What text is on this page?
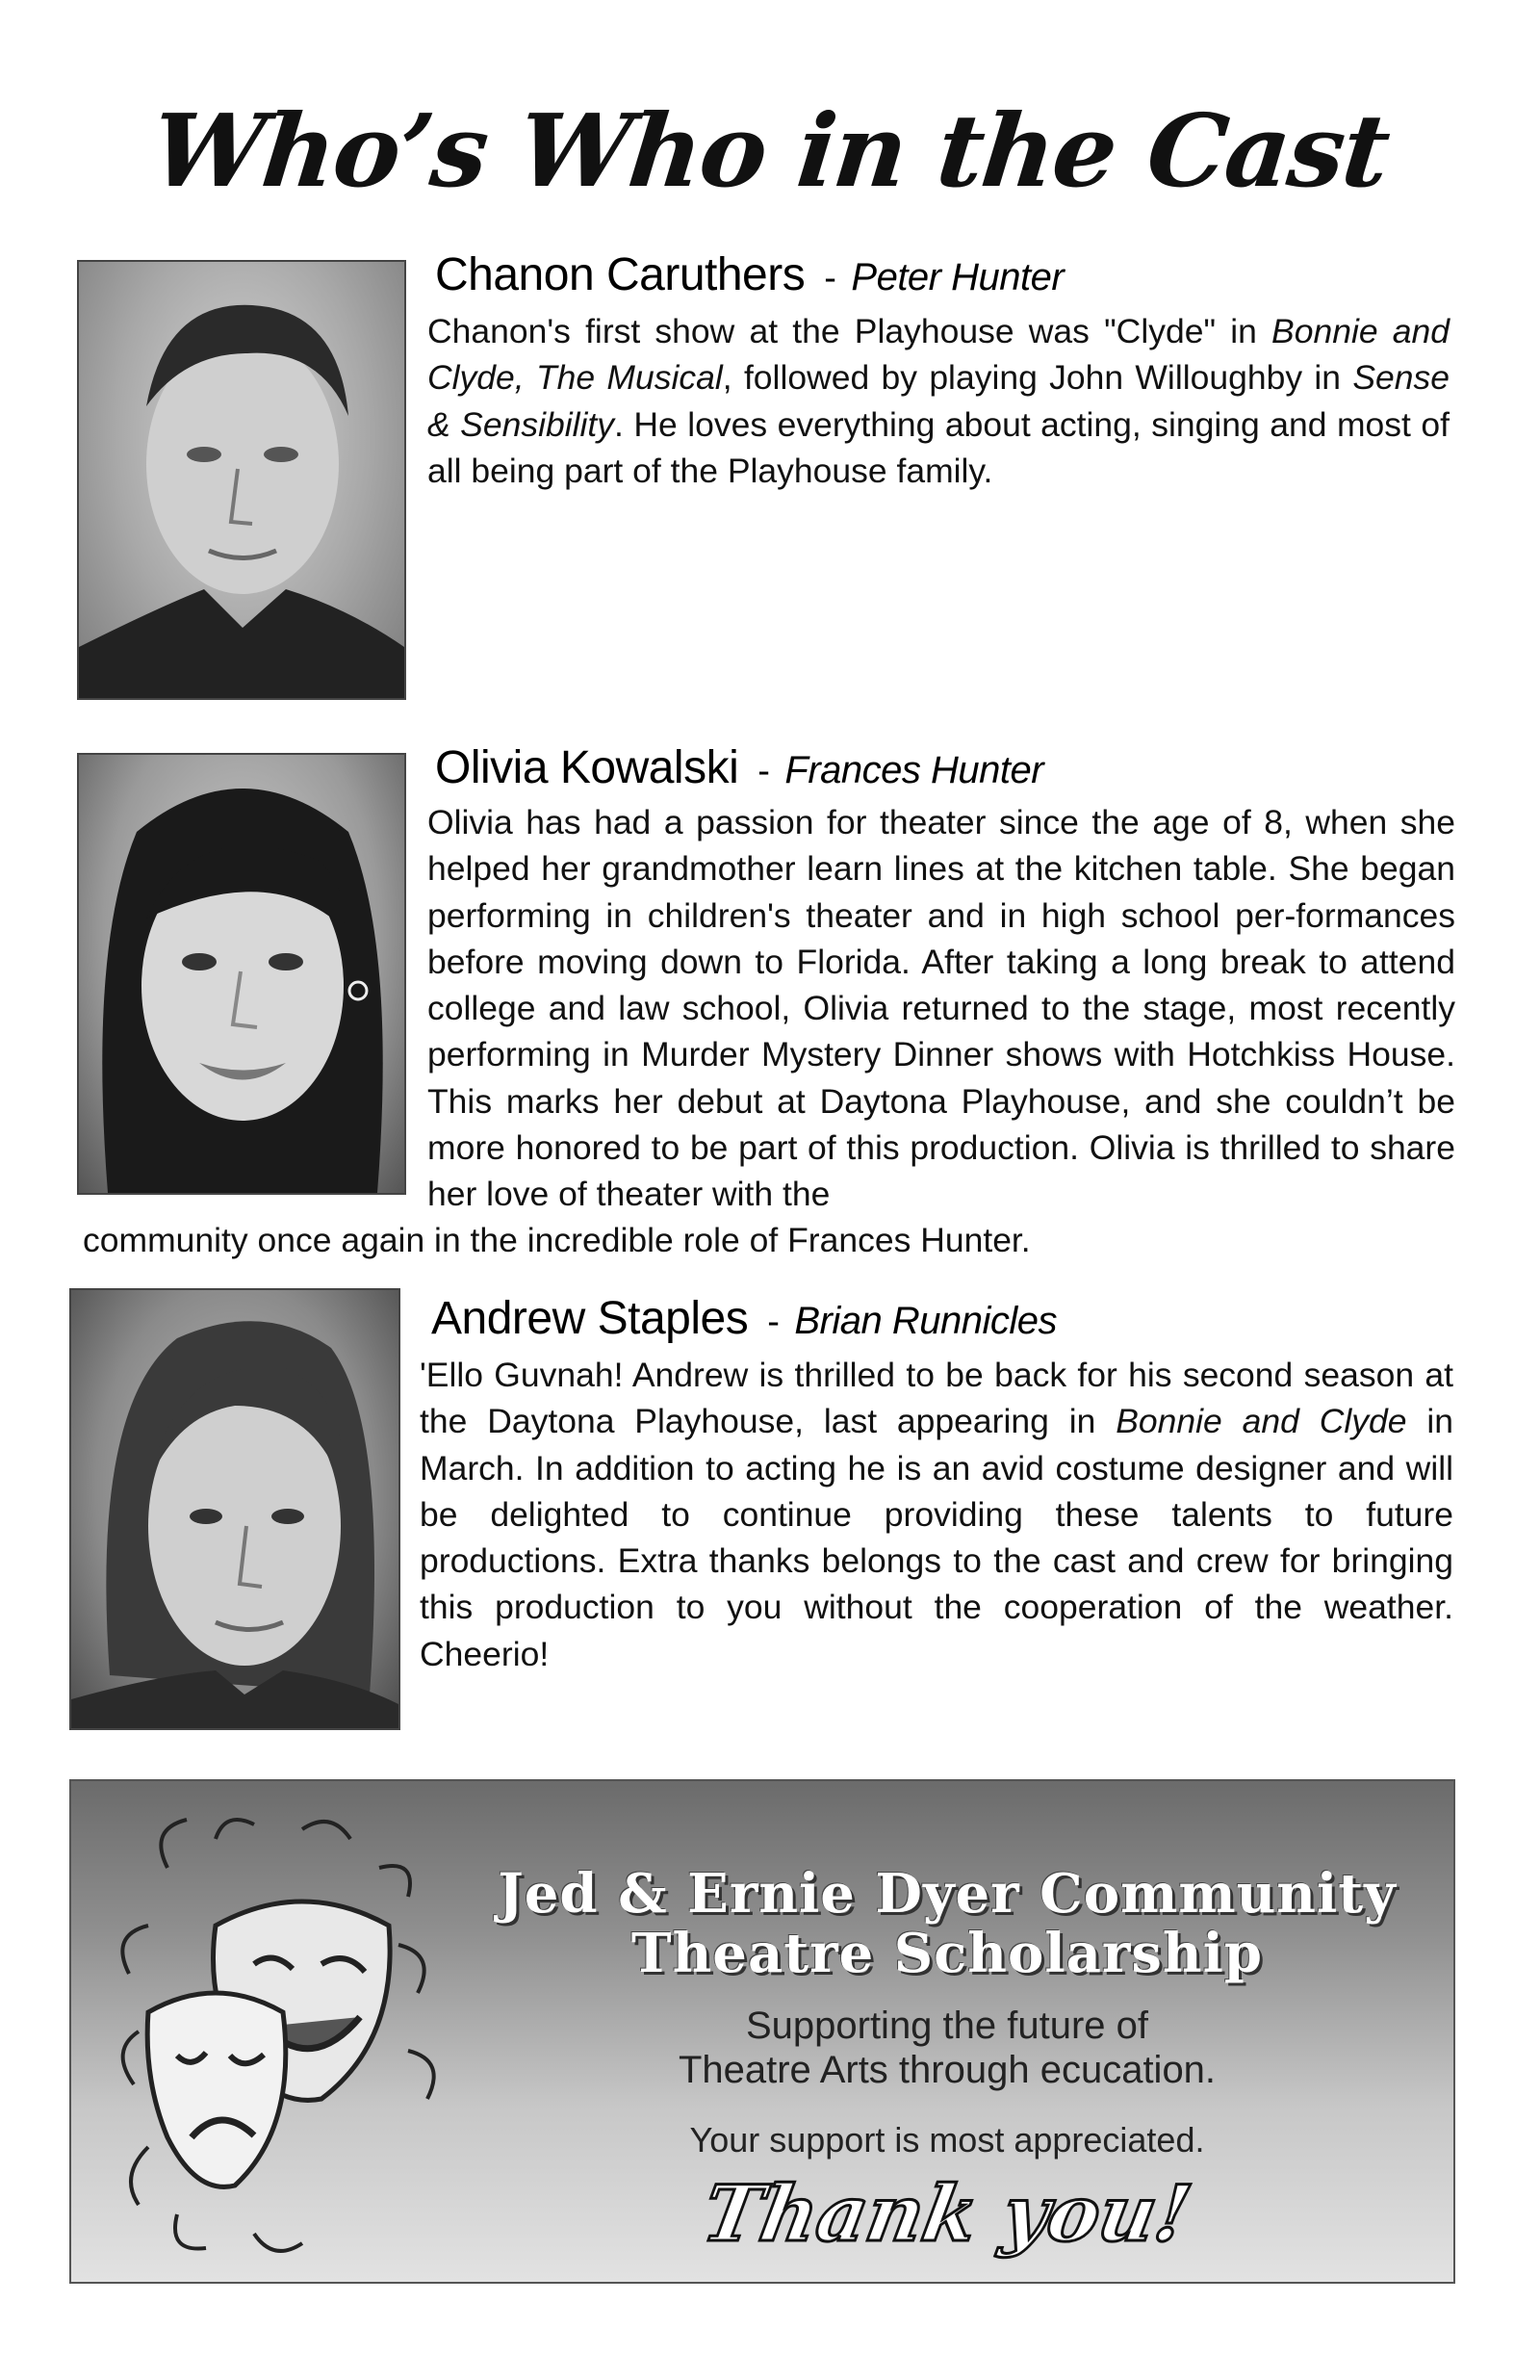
Who’s Who in the Cast
Chanon Caruthers - Peter Hunter
Chanon's first show at the Playhouse was "Clyde" in Bonnie and Clyde, The Musical, followed by playing John Willoughby in Sense & Sensibility. He loves everything about acting, singing and most of all being part of the Playhouse family.
Olivia Kowalski - Frances Hunter
Olivia has had a passion for theater since the age of 8, when she helped her grandmother learn lines at the kitchen table. She began performing in children's theater and in high school per-formances before moving down to Florida. After taking a long break to attend college and law school, Olivia returned to the stage, most recently performing in Murder Mystery Dinner shows with Hotchkiss House. This marks her debut at Daytona Playhouse, and she couldn’t be more honored to be part of this production. Olivia is thrilled to share her love of theater with the
community once again in the incredible role of Frances Hunter.
Andrew Staples - Brian Runnicles
'Ello Guvnah! Andrew is thrilled to be back for his second season at the Daytona Playhouse, last appearing in Bonnie and Clyde in March. In addition to acting he is an avid costume designer and will be delighted to continue providing these talents to future productions. Extra thanks belongs to the cast and crew for bringing this production to you without the cooperation of the weather. Cheerio!
Jed & Ernie Dyer Community
Theatre Scholarship
Supporting the future of
Theatre Arts through ecucation.
Your support is most appreciated.
Thank you!
